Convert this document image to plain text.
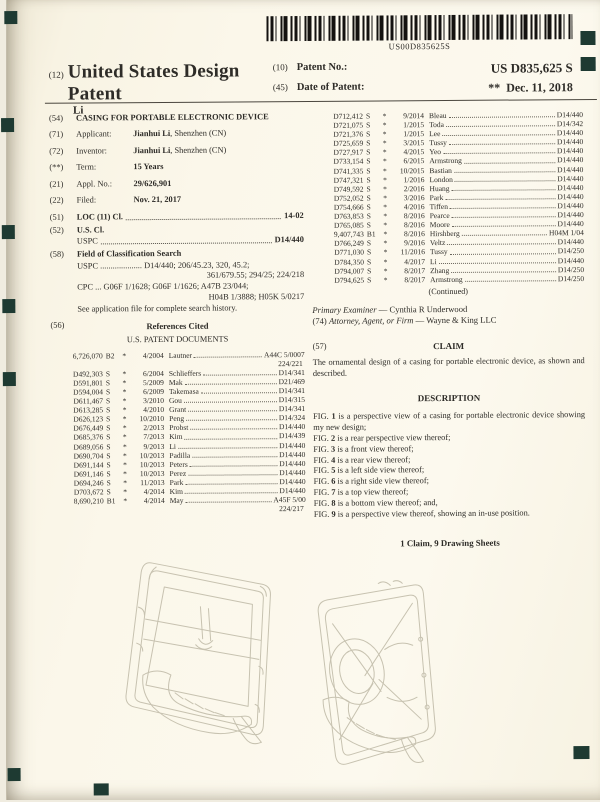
US00D835625S
(12)
United States Design Patent
Li
(10) Patent No.:	US D835,625 S
(45) Date of Patent:	** Dec. 11, 2018
(54)	CASING FOR PORTABLE ELECTRONIC DEVICE
(71)	Applicant:	Jianhui Li, Shenzhen (CN)
(72)	Inventor:	Jianhui Li, Shenzhen (CN)
(**)	Term:	15 Years
(21)	Appl. No.:	29/626,901
(22)	Filed:	Nov. 21, 2017
(51)	LOC (11) Cl.	14-02
(52)	U.S. Cl.
USPC	D14/440
(58)	Field of Classification Search
USPC .................... D14/440; 206/45.23, 320, 45.2;
361/679.55; 294/25; 224/218
CPC ... G06F 1/1628; G06F 1/1626; A47B 23/044;
H04B 1/3888; H05K 5/0217
See application file for complete search history.
(56)	References Cited
U.S. PATENT DOCUMENTS
6,726,070 B2	*	4/2004 Lautner	A44C 5/0007
224/221
D492,303 S	*	6/2004 Schlieffers	D14/341
D591,801 S	*	5/2009 Mak	D21/469
D594,004 S	*	6/2009 Takemasa	D14/341
D611,467 S	*	3/2010 Gou	D14/315
D613,285 S	*	4/2010 Grant	D14/341
D626,123 S	*	10/2010 Peng	D14/324
D676,449 S	*	2/2013 Probst	D14/440
D685,376 S	*	7/2013 Kim	D14/439
D689,056 S	*	9/2013 Li	D14/440
D690,704 S	*	10/2013 Padilla	D14/440
D691,144 S	*	10/2013 Peters	D14/440
D691,146 S	*	10/2013 Perez	D14/440
D694,246 S	*	11/2013 Park	D14/440
D703,672 S	*	4/2014 Kim	D14/440
8,690,210 B1	*	4/2014 May	A45F 5/00
224/217
D712,412 S	*	9/2014 Bleau	D14/440
D721,075 S	*	1/2015 Toda	D14/342
D721,376 S	*	1/2015 Lee	D14/440
D725,659 S	*	3/2015 Tussy	D14/440
D727,917 S	*	4/2015 Yeo	D14/440
D733,154 S	*	6/2015 Armstrong	D14/440
D741,335 S	*	10/2015 Bastian	D14/440
D747,321 S	*	1/2016 London	D14/440
D749,592 S	*	2/2016 Huang	D14/440
D752,052 S	*	3/2016 Park	D14/440
D754,666 S	*	4/2016 Tiffen	D14/440
D763,853 S	*	8/2016 Pearce	D14/440
D765,085 S	*	8/2016 Moore	D14/440
9,407,743 B1	*	8/2016 Hirshberg	H04M 1/04
D766,249 S	*	9/2016 Veltz	D14/440
D771,030 S	*	11/2016 Tussy	D14/250
D784,350 S	*	4/2017 Li	D14/440
D794,007 S	*	8/2017 Zhang	D14/250
D794,625 S	*	8/2017 Armstrong	D14/250
(Continued)
Primary Examiner — Cynthia R Underwood
(74) Attorney, Agent, or Firm — Wayne & King LLC
(57)	CLAIM
The ornamental design of a casing for portable electronic device, as shown and described.
DESCRIPTION
FIG. 1 is a perspective view of a casing for portable electronic device showing my new design;
FIG. 2 is a rear perspective view thereof;
FIG. 3 is a front view thereof;
FIG. 4 is a rear view thereof;
FIG. 5 is a left side view thereof;
FIG. 6 is a right side view thereof;
FIG. 7 is a top view thereof;
FIG. 8 is a bottom view thereof; and,
FIG. 9 is a perspective view thereof, showing an in-use position.
1 Claim, 9 Drawing Sheets
